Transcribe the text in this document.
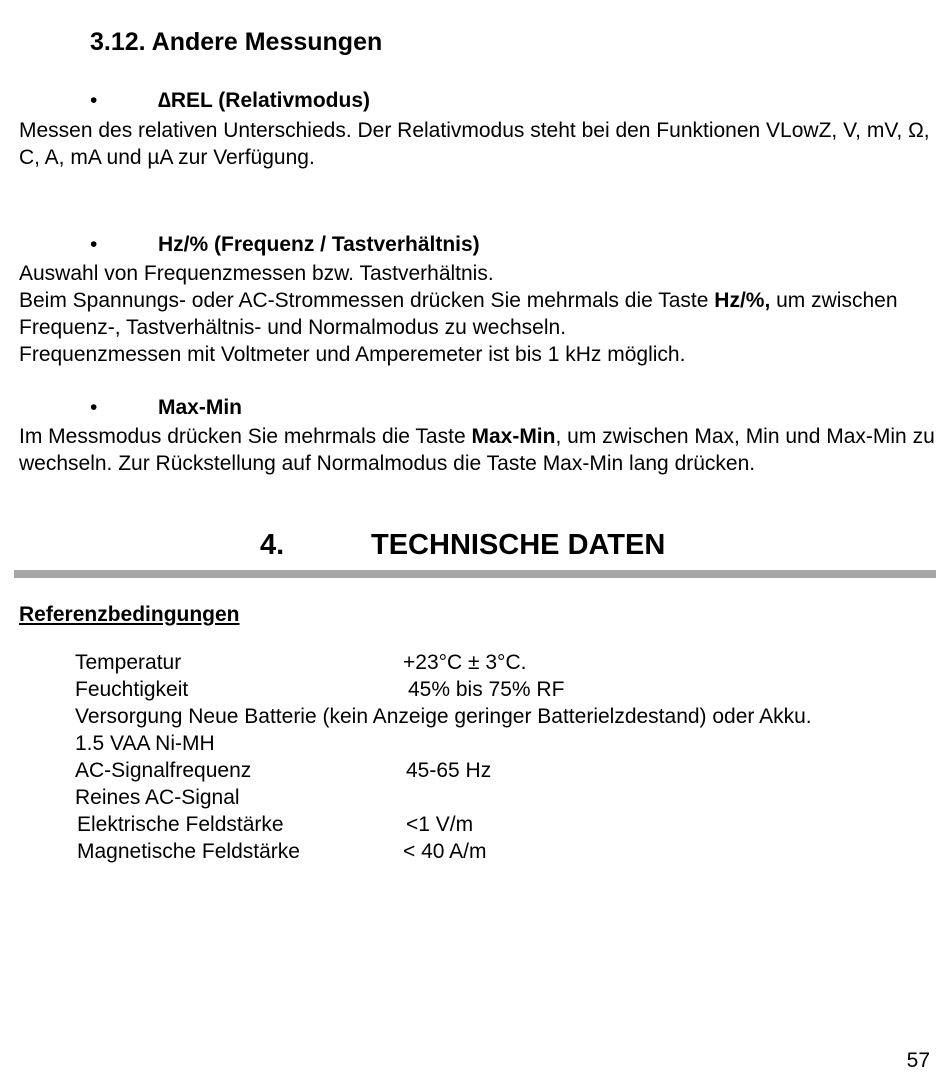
3.12. Andere Messungen
•	∆REL (Relativmodus)

Messen des relativen Unterschieds. Der Relativmodus steht bei den Funktionen VLowZ, V, mV, Ω, C, A, mA und µA zur Verfügung.

•	Hz/% (Frequenz / Tastverhältnis)

Auswahl von Frequenzmessen bzw. Tastverhältnis.
Beim Spannungs- oder AC-Strommessen drücken Sie mehrmals die Taste Hz/%, um zwischen Frequenz-, Tastverhältnis- und Normalmodus zu wechseln.
Frequenzmessen mit Voltmeter und Amperemeter ist bis 1 kHz möglich.

•	Max-Min

Im Messmodus drücken Sie mehrmals die Taste Max-Min, um zwischen Max, Min und Max-Min zu wechseln. Zur Rückstellung auf Normalmodus die Taste Max-Min lang drücken.

4.	TECHNISCHE DATEN
Referenzbedingungen
Temperatur	+23°C ± 3°C.
Feuchtigkeit	45% bis 75% RF
Versorgung Neue Batterie (kein Anzeige geringer Batterielzdestand) oder Akku.
1.5 VAA Ni-MH
AC-Signalfrequenz	45-65 Hz
Reines AC-Signal
Elektrische Feldstärke	<1 V/m
Magnetische Feldstärke	< 40 A/m
57
